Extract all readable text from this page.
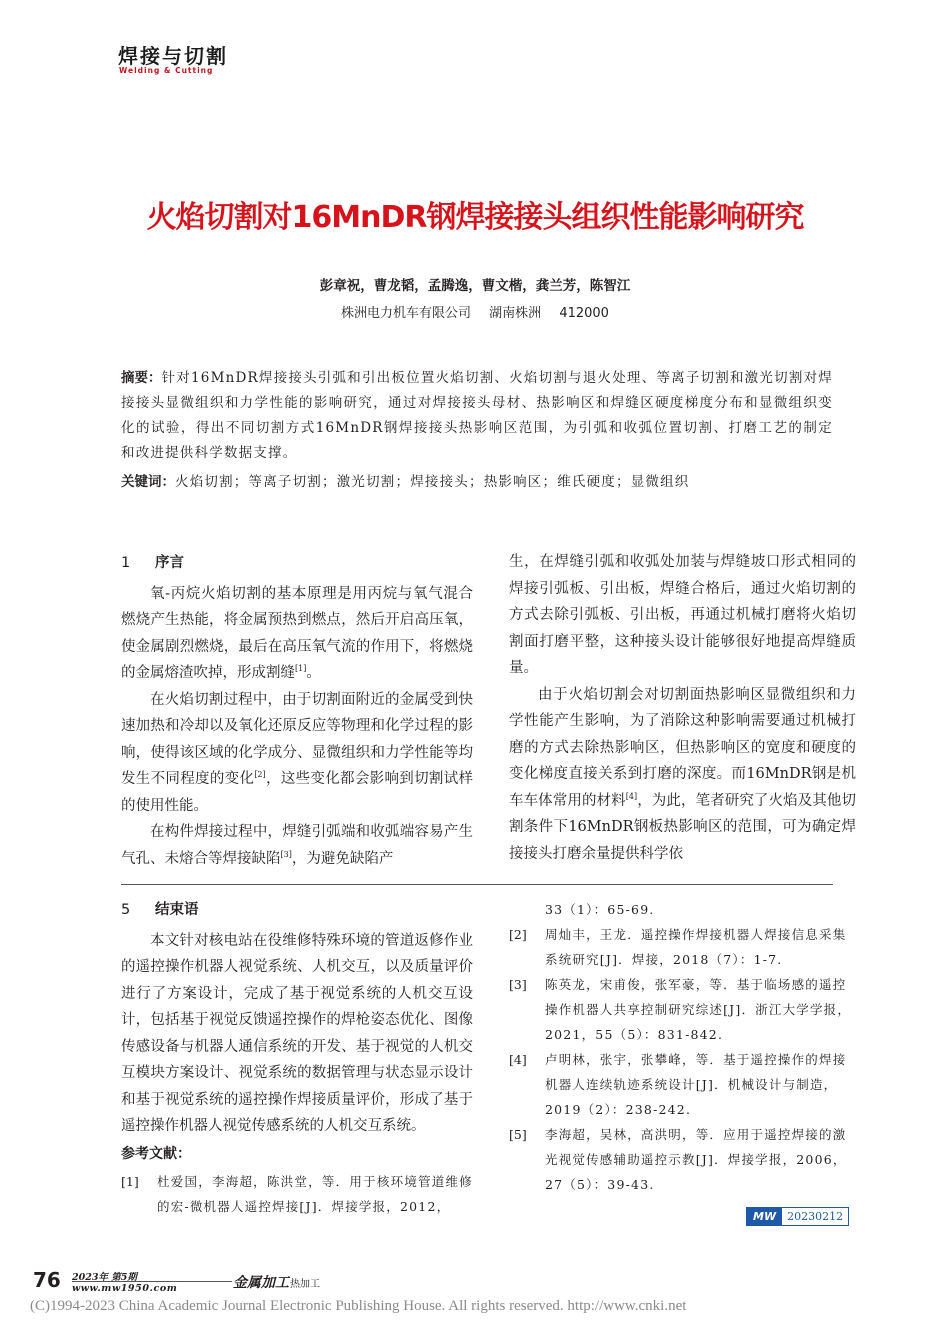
焊接与切割
Welding & Cutting
火焰切割对16MnDR钢焊接接头组织性能影响研究
彭章祝，曹龙韬，孟腾逸，曹文楷，龚兰芳，陈智江
株洲电力机车有限公司 湖南株洲 412000
摘要：针对16MnDR焊接接头引弧和引出板位置火焰切割、火焰切割与退火处理、等离子切割和激光切割对焊接接头显微组织和力学性能的影响研究，通过对焊接接头母材、热影响区和焊缝区硬度梯度分布和显微组织变化的试验，得出不同切割方式16MnDR钢焊接接头热影响区范围，为引弧和收弧位置切割、打磨工艺的制定和改进提供科学数据支撑。
关键词：火焰切割；等离子切割；激光切割；焊接接头；热影响区；维氏硬度；显微组织
1 序言

氧-丙烷火焰切割的基本原理是用丙烷与氧气混合燃烧产生热能，将金属预热到燃点，然后开启高压氧，使金属剧烈燃烧，最后在高压氧气流的作用下，将燃烧的金属熔渣吹掉，形成割缝[1]。

在火焰切割过程中，由于切割面附近的金属受到快速加热和冷却以及氧化还原反应等物理和化学过程的影响，使得该区域的化学成分、显微组织和力学性能等均发生不同程度的变化[2]，这些变化都会影响到切割试样的使用性能。

在构件焊接过程中，焊缝引弧端和收弧端容易产生气孔、未熔合等焊接缺陷[3]，为避免缺陷产

生，在焊缝引弧和收弧处加装与焊缝坡口形式相同的焊接引弧板、引出板，焊缝合格后，通过火焰切割的方式去除引弧板、引出板，再通过机械打磨将火焰切割面打磨平整，这种接头设计能够很好地提高焊缝质量。

由于火焰切割会对切割面热影响区显微组织和力学性能产生影响，为了消除这种影响需要通过机械打磨的方式去除热影响区，但热影响区的宽度和硬度的变化梯度直接关系到打磨的深度。而16MnDR钢是机车车体常用的材料[4]，为此，笔者研究了火焰及其他切割条件下16MnDR钢板热影响区的范围，可为确定焊接接头打磨余量提供科学依

5 结束语

本文针对核电站在役维修特殊环境的管道返修作业的遥控操作机器人视觉系统、人机交互，以及质量评价进行了方案设计，完成了基于视觉系统的人机交互设计，包括基于视觉反馈遥控操作的焊枪姿态优化、图像传感设备与机器人通信系统的开发、基于视觉的人机交互模块方案设计、视觉系统的数据管理与状态显示设计和基于视觉系统的遥控操作焊接质量评价，形成了基于遥控操作机器人视觉传感系统的人机交互系统。

参考文献：
[1] 杜爱国，李海超，陈洪堂，等．用于核环境管道维修的宏-微机器人遥控焊接[J]．焊接学报，2012，
33（1）：65-69.
[2] 周灿丰，王龙．遥控操作焊接机器人焊接信息采集系统研究[J]．焊接，2018（7）：1-7.
[3] 陈英龙，宋甫俊，张军豪，等．基于临场感的遥控操作机器人共享控制研究综述[J]．浙江大学学报，2021，55（5）：831-842.
[4] 卢明林，张宇，张攀峰，等．基于遥控操作的焊接机器人连续轨迹系统设计[J]．机械设计与制造，2019（2）：238-242.
[5] 李海超，吴林，高洪明，等．应用于遥控焊接的激光视觉传感辅助遥控示教[J]．焊接学报，2006，27（5）：39-43.
MW	20230212
76 2023年 第5期
www.mw1950.com	金属加工热加工
(C)1994-2023 China Academic Journal Electronic Publishing House. All rights reserved. http://www.cnki.net
